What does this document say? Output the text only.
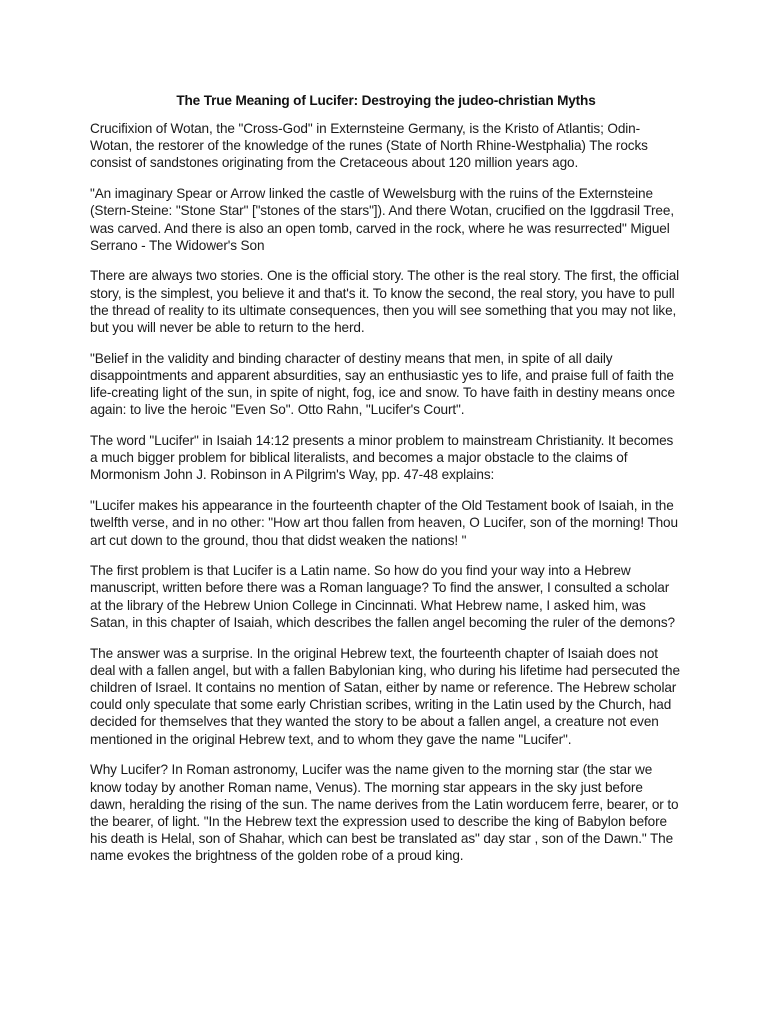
The True Meaning of Lucifer: Destroying the judeo-christian Myths

Crucifixion of Wotan, the "Cross-God" in Externsteine Germany, is the Kristo of Atlantis; Odin-Wotan, the restorer of the knowledge of the runes (State of North Rhine-Westphalia) The rocks consist of sandstones originating from the Cretaceous about 120 million years ago.

"An imaginary Spear or Arrow linked the castle of Wewelsburg with the ruins of the Externsteine (Stern-Steine: "Stone Star" ["stones of the stars"]). And there Wotan, crucified on the Iggdrasil Tree, was carved. And there is also an open tomb, carved in the rock, where he was resurrected" Miguel Serrano - The Widower's Son

There are always two stories. One is the official story. The other is the real story. The first, the official story, is the simplest, you believe it and that's it. To know the second, the real story, you have to pull the thread of reality to its ultimate consequences, then you will see something that you may not like, but you will never be able to return to the herd.

"Belief in the validity and binding character of destiny means that men, in spite of all daily disappointments and apparent absurdities, say an enthusiastic yes to life, and praise full of faith the life-creating light of the sun, in spite of night, fog, ice and snow. To have faith in destiny means once again: to live the heroic "Even So". Otto Rahn, "Lucifer's Court".

The word "Lucifer" in Isaiah 14:12 presents a minor problem to mainstream Christianity. It becomes a much bigger problem for biblical literalists, and becomes a major obstacle to the claims of Mormonism John J. Robinson in A Pilgrim's Way, pp. 47-48 explains:

"Lucifer makes his appearance in the fourteenth chapter of the Old Testament book of Isaiah, in the twelfth verse, and in no other: "How art thou fallen from heaven, O Lucifer, son of the morning! Thou art cut down to the ground, thou that didst weaken the nations! "

The first problem is that Lucifer is a Latin name. So how do you find your way into a Hebrew manuscript, written before there was a Roman language? To find the answer, I consulted a scholar at the library of the Hebrew Union College in Cincinnati. What Hebrew name, I asked him, was Satan, in this chapter of Isaiah, which describes the fallen angel becoming the ruler of the demons?

The answer was a surprise. In the original Hebrew text, the fourteenth chapter of Isaiah does not deal with a fallen angel, but with a fallen Babylonian king, who during his lifetime had persecuted the children of Israel. It contains no mention of Satan, either by name or reference. The Hebrew scholar could only speculate that some early Christian scribes, writing in the Latin used by the Church, had decided for themselves that they wanted the story to be about a fallen angel, a creature not even mentioned in the original Hebrew text, and to whom they gave the name "Lucifer".

Why Lucifer? In Roman astronomy, Lucifer was the name given to the morning star (the star we know today by another Roman name, Venus). The morning star appears in the sky just before dawn, heralding the rising of the sun. The name derives from the Latin worducem ferre, bearer, or to the bearer, of light. "In the Hebrew text the expression used to describe the king of Babylon before his death is Helal, son of Shahar, which can best be translated as" day star , son of the Dawn." The name evokes the brightness of the golden robe of a proud king.
